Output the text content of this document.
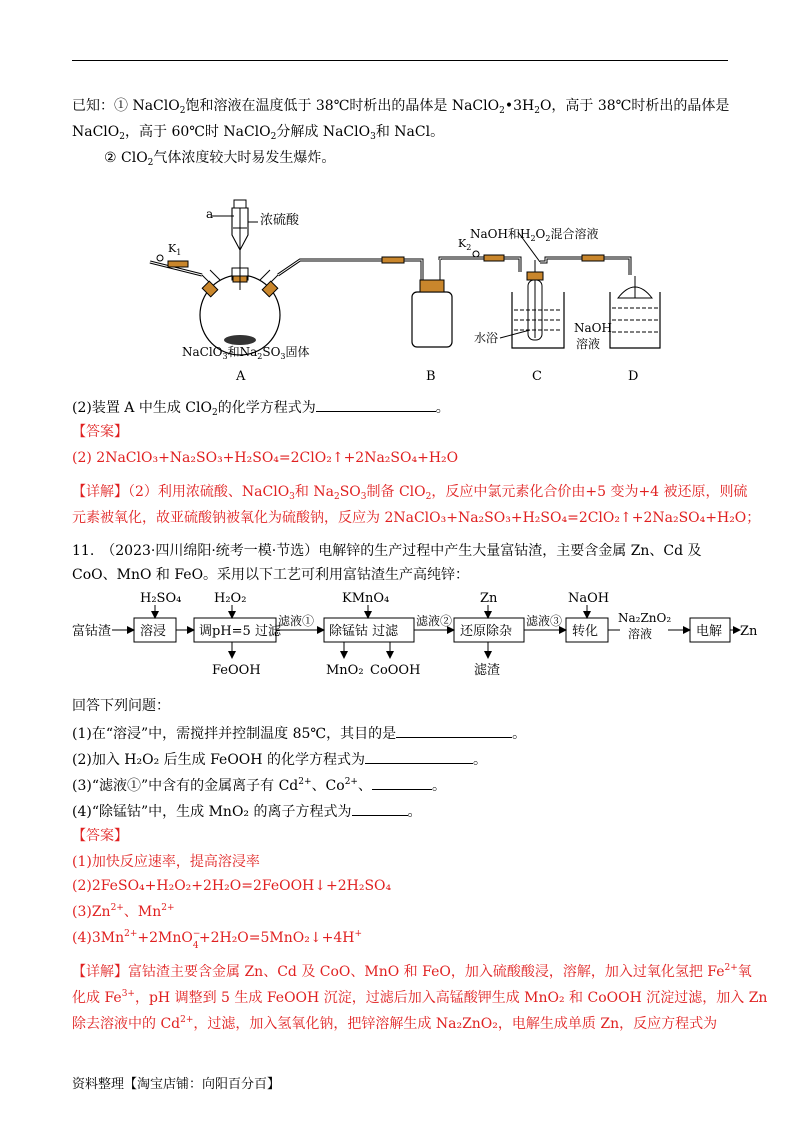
已知：① NaClO$_2$饱和溶液在温度低于 38℃时析出的晶体是 $NaClO_2•3H_2O$，高于 38℃时析出的晶体是
NaClO$_2$，高于 60℃时 NaClO$_2$分解成 NaClO$_3$和 NaCl。
② ClO$_2$气体浓度较大时易发生爆炸。
a	浓硫酸
$K_1$
$K_2$
NaOH和$H_2O_2$混合溶液
水浴
NaOH
溶液
NaClO$_3$和$Na_2SO_3$固体
A	B	C	D
(2)装置 A 中生成 ClO$_2$的化学方程式为	。
【答案】
(2) 2NaClO₃+Na₂SO₃+H₂SO₄=2ClO₂↑+2Na₂SO₄+H₂O
【详解】（2）利用浓硫酸、NaClO$_3$和 $Na_2SO_3$制备 ClO$_2$，反应中氯元素化合价由+5 变为+4 被还原，则硫
元素被氧化，故亚硫酸钠被氧化为硫酸钠，反应为 2NaClO₃+Na₂SO₃+H₂SO₄=2ClO₂↑+2Na₂SO₄+H₂O；
11.　（2023·四川绵阳·统考一模·节选）电解锌的生产过程中产生大量富钴渣，主要含金属 Zn、Cd 及
CoO、MnO 和 FeO。采用以下工艺可利用富钴渣生产高纯锌：
富钴渣 溶浸
H₂SO₄
调pH=5 过滤
H₂O₂
FeOOH
滤液①
除锰钴 过滤
KMnO₄
MnO₂ CoOOH
滤液②
还原除杂
Zn
滤渣
滤液③
转化
NaOH
Na₂ZnO₂
溶液	电解 Zn
回答下列问题：
(1)在“溶浸”中，需搅拌并控制温度 85℃，其目的是	。
(2)加入 H₂O₂ 后生成 FeOOH 的化学方程式为	。
(3)“滤液①”中含有的金属离子有 $Cd^{2+}$、$Co^{2+}$、	。
(4)“除锰钴”中，生成 MnO₂ 的离子方程式为	。
【答案】
(1)加快反应速率，提高溶浸率
(2)2FeSO₄+H₂O₂+2H₂O=2FeOOH↓+2H₂SO₄
$(3)Zn^{2+}$、$Mn^{2+}$
$(4)3Mn^{2+}+2MnO$ −
4 +2H₂O=5MnO₂↓+4H+
【详解】富钴渣主要含金属 Zn、Cd 及 CoO、MnO 和 FeO，加入硫酸酸浸，溶解，加入过氧化氢把 $Fe^{2+}$氧
化成 $Fe^{3+}$，pH 调整到 5 生成 FeOOH 沉淀，过滤后加入高锰酸钾生成 MnO₂ 和 CoOOH 沉淀过滤，加入 Zn
除去溶液中的 $Cd^{2+}$，过滤，加入氢氧化钠，把锌溶解生成 Na₂ZnO₂，电解生成单质 Zn，反应方程式为
资料整理【淘宝店铺：向阳百分百】
